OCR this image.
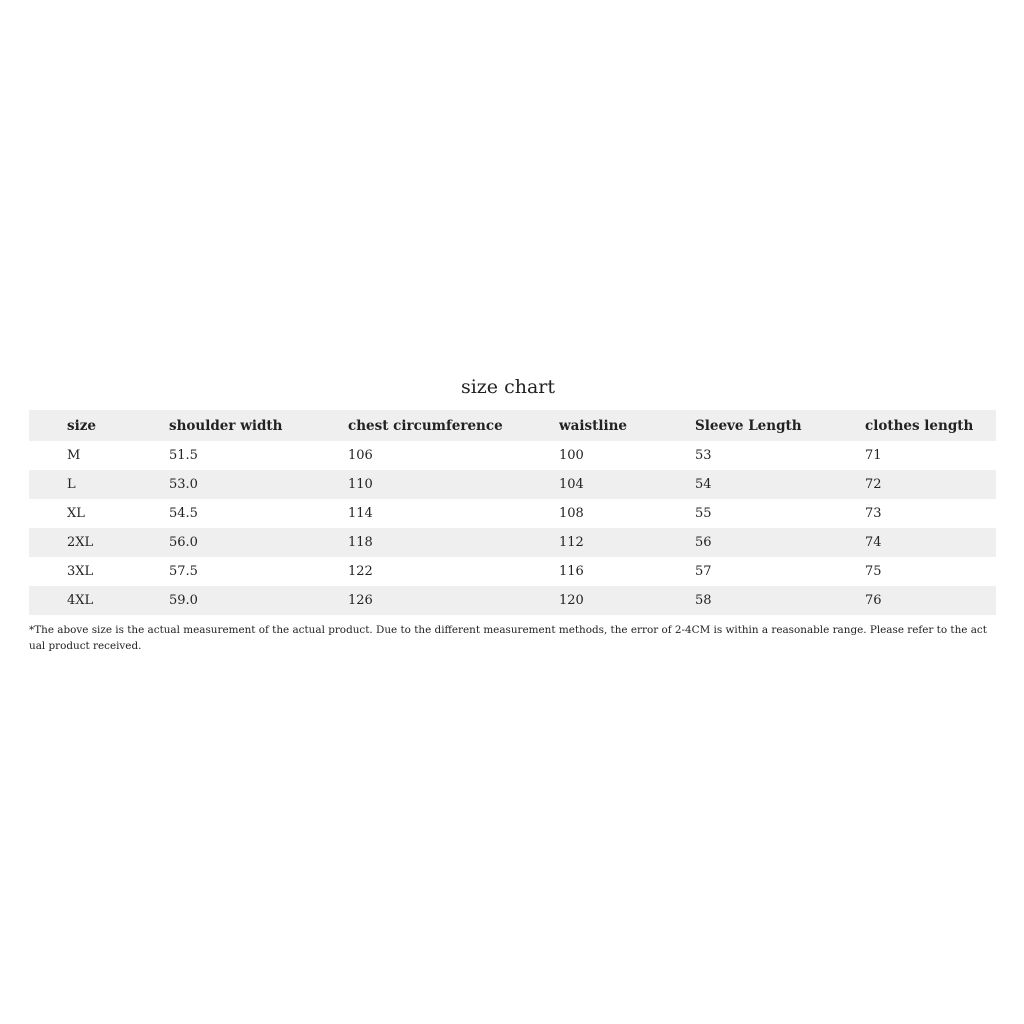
size chart
	size	shoulder width	chest circumference	waistline	Sleeve Length	clothes length
	M	51.5	106	100	53	71
	L	53.0	110	104	54	72
	XL	54.5	114	108	55	73
	2XL	56.0	118	112	56	74
	3XL	57.5	122	116	57	75
	4XL	59.0	126	120	58	76
*The above size is the actual measurement of the actual product. Due to the different measurement methods, the error of 2-4CM is within a reasonable range. Please refer to the actual product received.
